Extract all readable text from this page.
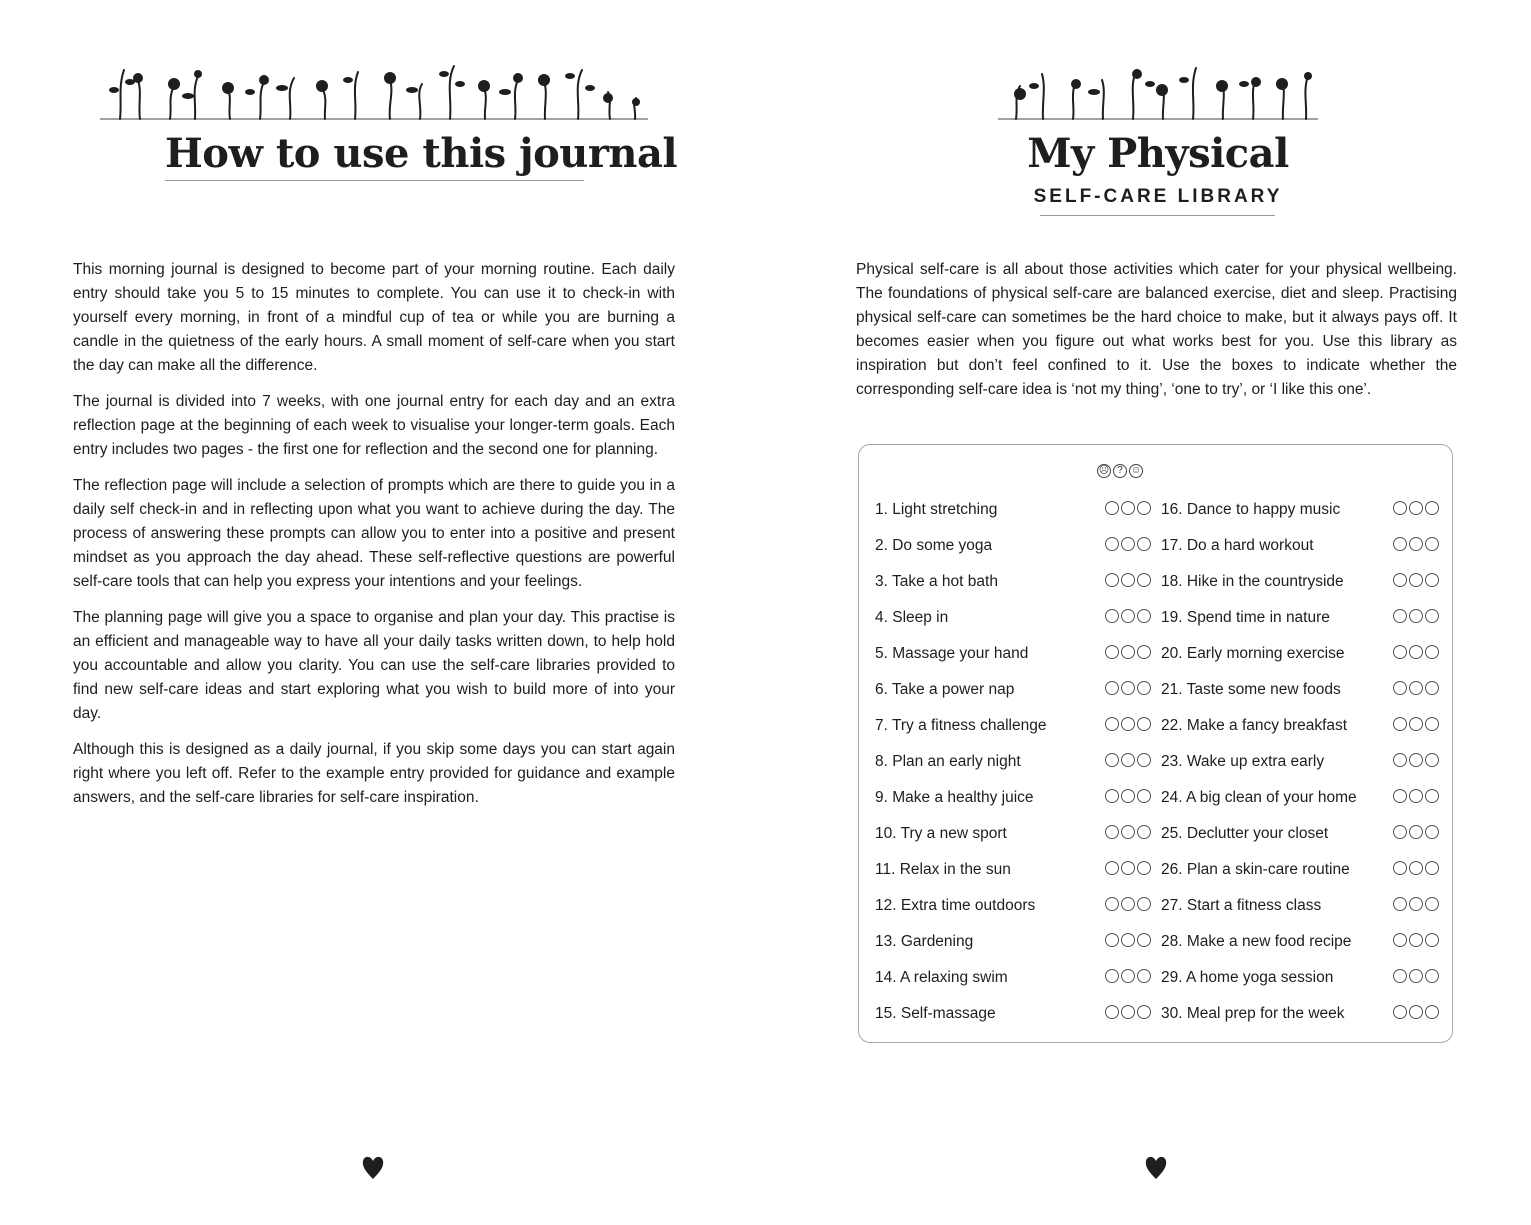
How to use this journal

This morning journal is designed to become part of your morning routine. Each daily entry should take you 5 to 15 minutes to complete. You can use it to check-in with yourself every morning, in front of a mindful cup of tea or while you are burning a candle in the quietness of the early hours. A small moment of self-care when you start the day can make all the difference.

The journal is divided into 7 weeks, with one journal entry for each day and an extra reflection page at the beginning of each week to visualise your longer-term goals. Each entry includes two pages - the first one for reflection and the second one for planning.

The reflection page will include a selection of prompts which are there to guide you in a daily self check-in and in reflecting upon what you want to achieve during the day. The process of answering these prompts can allow you to enter into a positive and present mindset as you approach the day ahead. These self-reflective questions are powerful self-care tools that can help you express your intentions and your feelings.

The planning page will give you a space to organise and plan your day. This practise is an efficient and manageable way to have all your daily tasks written down, to help hold you accountable and allow you clarity. You can use the self-care libraries provided to find new self-care ideas and start exploring what you wish to build more of into your day.

Although this is designed as a daily journal, if you skip some days you can start again right where you left off. Refer to the example entry provided for guidance and example answers, and the self-care libraries for self-care inspiration.

My Physical
SELF-CARE LIBRARY
Physical self-care is all about those activities which cater for your physical wellbeing. The foundations of physical self-care are balanced exercise, diet and sleep. Practising physical self-care can sometimes be the hard choice to make, but it always pays off. It becomes easier when you figure out what works best for you. Use this library as inspiration but don’t feel confined to it. Use the boxes to indicate whether the corresponding self-care idea is ‘not my thing’, ‘one to try’, or ‘I like this one’.
☹ ? ☺
1. Light stretching
2. Do some yoga
3. Take a hot bath
4. Sleep in
5. Massage your hand
6. Take a power nap
7. Try a fitness challenge
8. Plan an early night
9. Make a healthy juice
10. Try a new sport
11. Relax in the sun
12. Extra time outdoors
13. Gardening
14. A relaxing swim
15. Self-massage
16. Dance to happy music
17. Do a hard workout
18. Hike in the countryside
19. Spend time in nature
20. Early morning exercise
21. Taste some new foods
22. Make a fancy breakfast
23. Wake up extra early
24. A big clean of your home
25. Declutter your closet
26. Plan a skin-care routine
27. Start a fitness class
28. Make a new food recipe
29. A home yoga session
30. Meal prep for the week
